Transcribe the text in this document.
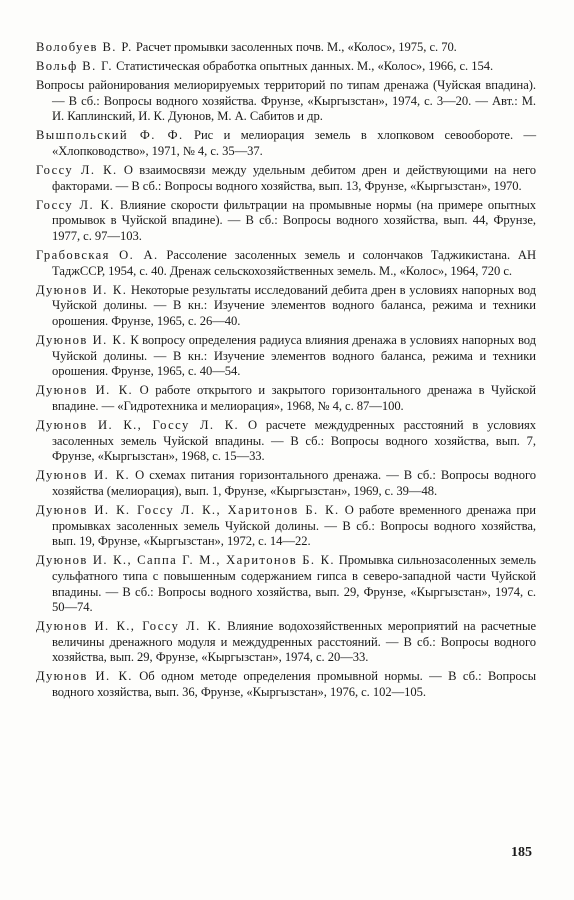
Волобуев В. Р. Расчет промывки засоленных почв. М., «Колос», 1975, с. 70.

Вольф В. Г. Статистическая обработка опытных данных. М., «Колос», 1966, с. 154.

Вопросы районирования мелиорируемых территорий по типам дренажа (Чуйская впадина). — В сб.: Вопросы водного хозяйства. Фрунзе, «Кыргызстан», 1974, с. 3—20. — Авт.: М. И. Каплинский, И. К. Дуюнов, М. А. Сабитов и др.

Вышпольский Ф. Ф. Рис и мелиорация земель в хлопковом севообороте. — «Хлопководство», 1971, № 4, с. 35—37.

Госсу Л. К. О взаимосвязи между удельным дебитом дрен и действующими на него факторами. — В сб.: Вопросы водного хозяйства, вып. 13, Фрунзе, «Кыргызстан», 1970.

Госсу Л. К. Влияние скорости фильтрации на промывные нормы (на примере опытных промывок в Чуйской впадине). — В сб.: Вопросы водного хозяйства, вып. 44, Фрунзе, 1977, с. 97—103.

Грабовская О. А. Рассоление засоленных земель и солончаков Таджикистана. АН ТаджССР, 1954, с. 40. Дренаж сельскохозяйственных земель. М., «Колос», 1964, 720 с.

Дуюнов И. К. Некоторые результаты исследований дебита дрен в условиях напорных вод Чуйской долины. — В кн.: Изучение элементов водного баланса, режима и техники орошения. Фрунзе, 1965, с. 26—40.

Дуюнов И. К. К вопросу определения радиуса влияния дренажа в условиях напорных вод Чуйской долины. — В кн.: Изучение элементов водного баланса, режима и техники орошения. Фрунзе, 1965, с. 40—54.

Дуюнов И. К. О работе открытого и закрытого горизонтального дренажа в Чуйской впадине. — «Гидротехника и мелиорация», 1968, № 4, с. 87—100.

Дуюнов И. К., Госсу Л. К. О расчете междудренных расстояний в условиях засоленных земель Чуйской впадины. — В сб.: Вопросы водного хозяйства, вып. 7, Фрунзе, «Кыргызстан», 1968, с. 15—33.

Дуюнов И. К. О схемах питания горизонтального дренажа. — В сб.: Вопросы водного хозяйства (мелиорация), вып. 1, Фрунзе, «Кыргызстан», 1969, с. 39—48.

Дуюнов И. К. Госсу Л. К., Харитонов Б. К. О работе временного дренажа при промывках засоленных земель Чуйской долины. — В сб.: Вопросы водного хозяйства, вып. 19, Фрунзе, «Кыргызстан», 1972, с. 14—22.

Дуюнов И. К., Саппа Г. М., Харитонов Б. К. Промывка сильнозасоленных земель сульфатного типа с повышенным содержанием гипса в северо-западной части Чуйской впадины. — В сб.: Вопросы водного хозяйства, вып. 29, Фрунзе, «Кыргызстан», 1974, с. 50—74.

Дуюнов И. К., Госсу Л. К. Влияние водохозяйственных мероприятий на расчетные величины дренажного модуля и междудренных расстояний. — В сб.: Вопросы водного хозяйства, вып. 29, Фрунзе, «Кыргызстан», 1974, с. 20—33.

Дуюнов И. К. Об одном методе определения промывной нормы. — В сб.: Вопросы водного хозяйства, вып. 36, Фрунзе, «Кыргызстан», 1976, с. 102—105.

185
